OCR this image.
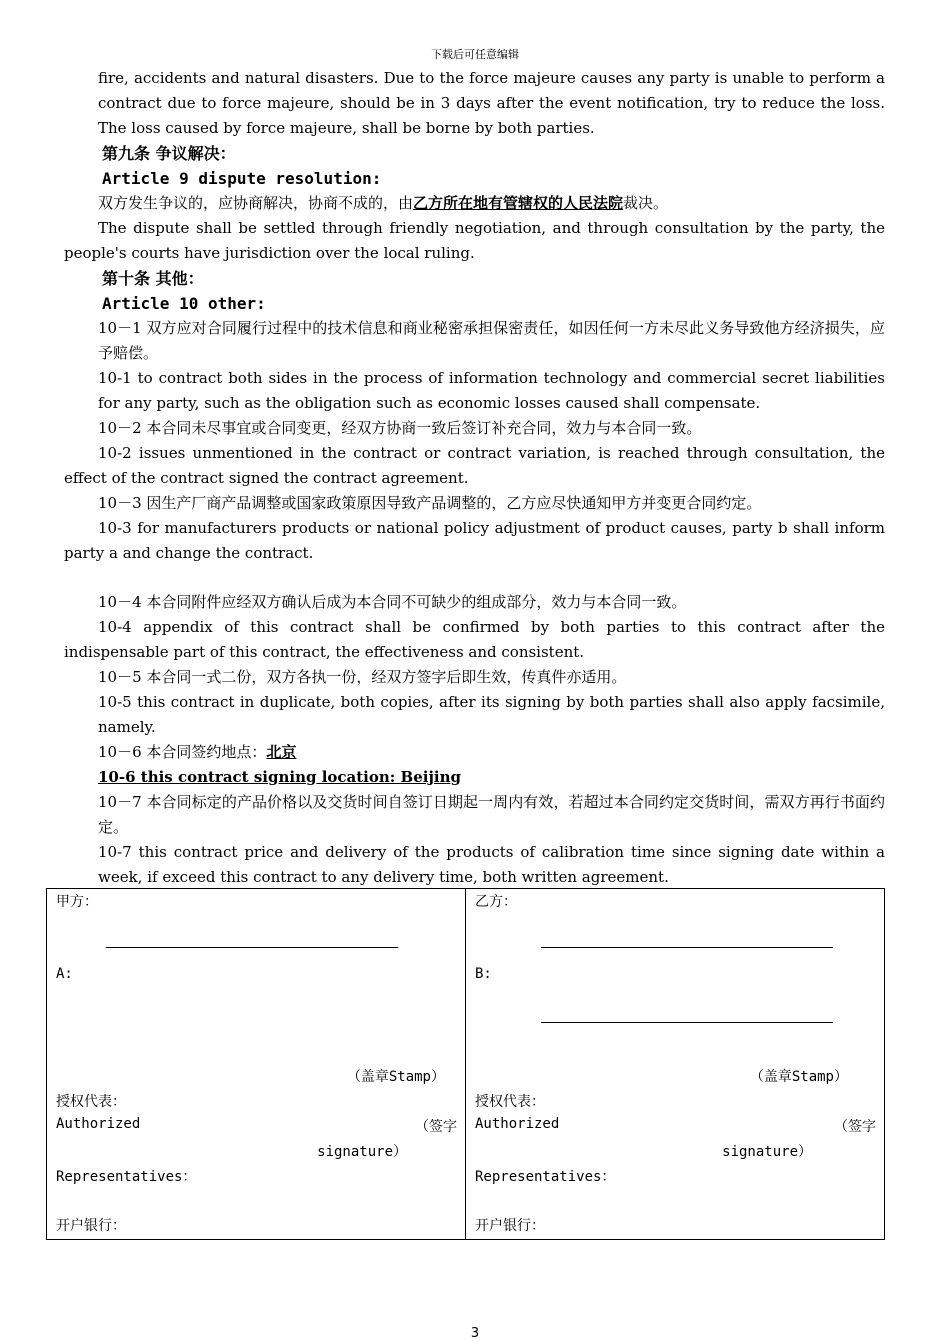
下载后可任意编辑

fire, accidents and natural disasters. Due to the force majeure causes any party is unable to perform a contract due to force majeure, should be in 3 days after the event notification, try to reduce the loss. The loss caused by force majeure, shall be borne by both parties.

第九条 争议解决：
Article 9 dispute resolution:

双方发生争议的，应协商解决，协商不成的，由乙方所在地有管辖权的人民法院裁决。

The dispute shall be settled through friendly negotiation, and through consultation by the party, the people's courts have jurisdiction over the local ruling.

第十条 其他：
Article 10 other:

10－1 双方应对合同履行过程中的技术信息和商业秘密承担保密责任，如因任何一方未尽此义务导致他方经济损失，应予赔偿。

10-1 to contract both sides in the process of information technology and commercial secret liabilities for any party, such as the obligation such as economic losses caused shall compensate.

10－2 本合同未尽事宜或合同变更，经双方协商一致后签订补充合同，效力与本合同一致。

10-2 issues unmentioned in the contract or contract variation, is reached through consultation, the effect of the contract signed the contract agreement.

10－3 因生产厂商产品调整或国家政策原因导致产品调整的，乙方应尽快通知甲方并变更合同约定。

10-3 for manufacturers products or national policy adjustment of product causes, party b shall inform party a and change the contract.

10－4 本合同附件应经双方确认后成为本合同不可缺少的组成部分，效力与本合同一致。

10-4 appendix of this contract shall be confirmed by both parties to this contract after the indispensable part of this contract, the effectiveness and consistent.

10－5 本合同一式二份，双方各执一份，经双方签字后即生效，传真件亦适用。

10-5 this contract in duplicate, both copies, after its signing by both parties shall also apply facsimile, namely.

10－6 本合同签约地点：北京

10-6 this contract signing location: Beijing

10－7 本合同标定的产品价格以及交货时间自签订日期起一周内有效，若超过本合同约定交货时间，需双方再行书面约定。

10-7 this contract price and delivery of the products of calibration time since signing date within a week, if exceed this contract to any delivery time, both written agreement.

甲方：
A:
（盖章Stamp）
授权代表：
Authorized	（签字
signature）
Representatives：
开户银行：

乙方：
B:
（盖章Stamp）
授权代表：
Authorized	（签字
signature）
Representatives：
开户银行：
3
